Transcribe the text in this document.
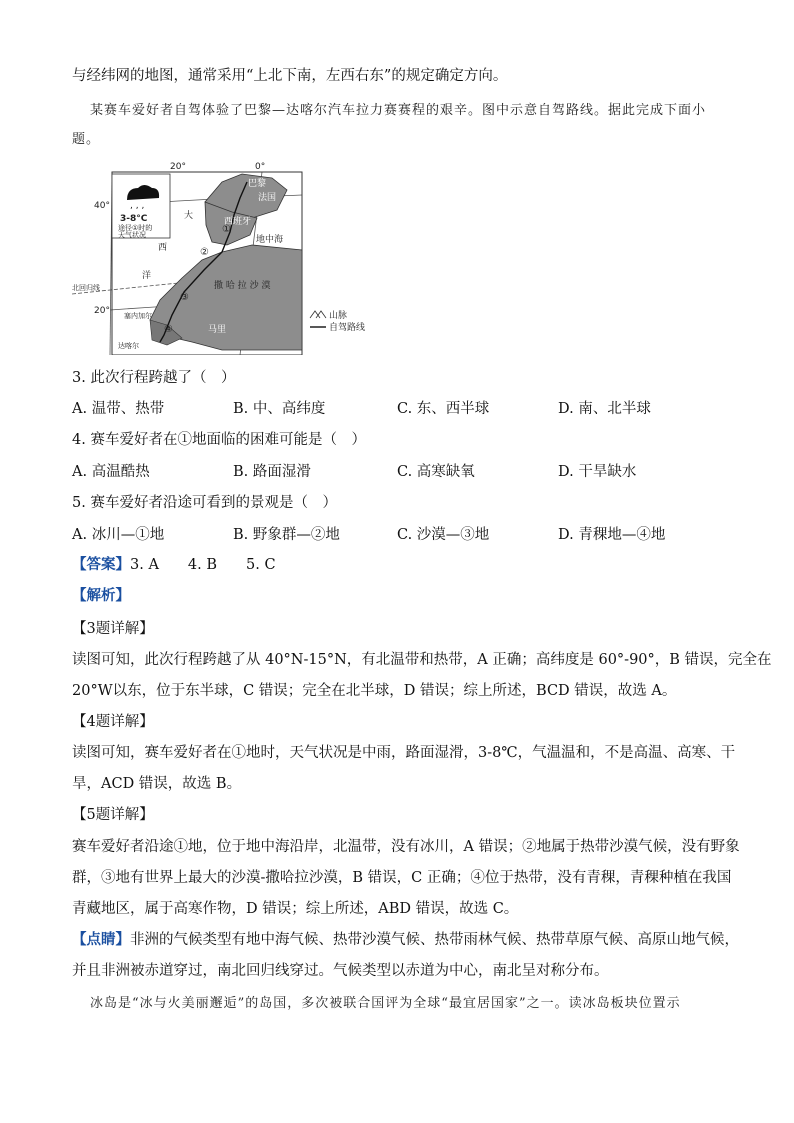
与经纬网的地图，通常采用“上北下南，左西右东”的规定确定方向。
某赛车爱好者自驾体验了巴黎—达喀尔汽车拉力赛赛程的艰辛。图中示意自驾路线。据此完成下面小
题。
, , ,
3-8°C
途径①时的
天气状况
40°
20°
20°	0°
北回归线
巴黎
法国
西班牙
地中海
大
西
洋
撒 哈 拉 沙 漠
塞内加尔
达喀尔
马里
①
②
③
④
山脉
自驾路线
3. 此次行程跨越了（　）
A. 温带、热带	B. 中、高纬度	C. 东、西半球	D. 南、北半球
4. 赛车爱好者在①地面临的困难可能是（　）
A. 高温酷热	B. 路面湿滑	C. 高寒缺氧	D. 干旱缺水
5. 赛车爱好者沿途可看到的景观是（　）
A. 冰川—①地	B. 野象群—②地	C. 沙漠—③地	D. 青稞地—④地
【答案】3. A　　4. B　　5. C
【解析】
【3题详解】
读图可知，此次行程跨越了从 40°N-15°N，有北温带和热带，A 正确；高纬度是 60°-90°，B 错误，完全在
20°W以东，位于东半球，C 错误；完全在北半球，D 错误；综上所述，BCD 错误，故选 A。
【4题详解】
读图可知，赛车爱好者在①地时，天气状况是中雨，路面湿滑，3-8℃，气温温和，不是高温、高寒、干
旱，ACD 错误，故选 B。
【5题详解】
赛车爱好者沿途①地，位于地中海沿岸，北温带，没有冰川，A 错误；②地属于热带沙漠气候，没有野象
群，③地有世界上最大的沙漠-撒哈拉沙漠，B 错误，C 正确；④位于热带，没有青稞，青稞种植在我国
青藏地区，属于高寒作物，D 错误；综上所述，ABD 错误，故选 C。
【点睛】非洲的气候类型有地中海气候、热带沙漠气候、热带雨林气候、热带草原气候、高原山地气候，
并且非洲被赤道穿过，南北回归线穿过。气候类型以赤道为中心，南北呈对称分布。
冰岛是“冰与火美丽邂逅”的岛国，多次被联合国评为全球“最宜居国家”之一。读冰岛板块位置示
